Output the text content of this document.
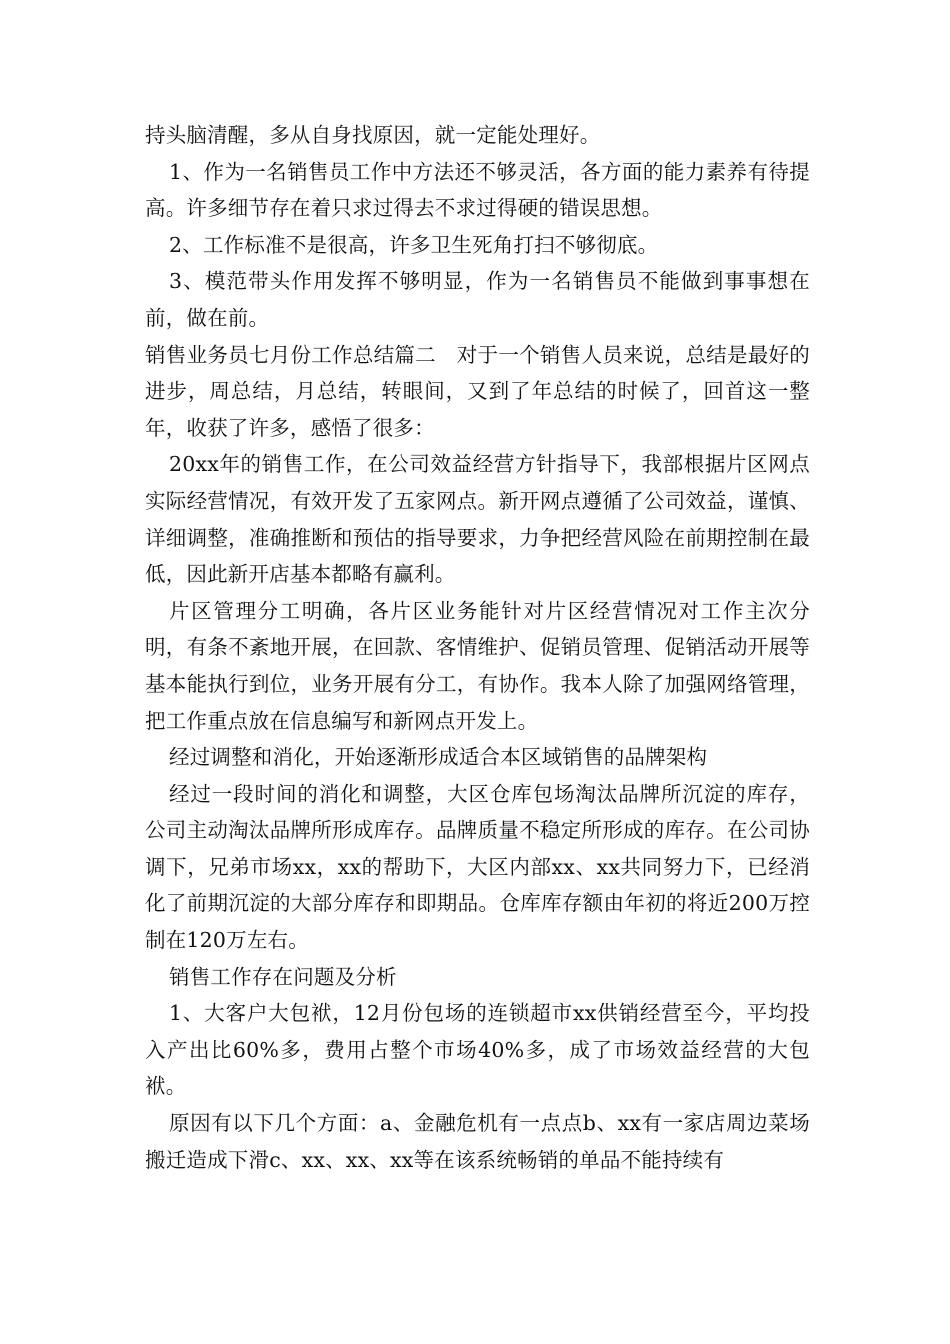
持头脑清醒，多从自身找原因，就一定能处理好。

1、作为一名销售员工作中方法还不够灵活，各方面的能力素养有待提高。许多细节存在着只求过得去不求过得硬的错误思想。

2、工作标准不是很高，许多卫生死角打扫不够彻底。

3、模范带头作用发挥不够明显，作为一名销售员不能做到事事想在前，做在前。

销售业务员七月份工作总结篇二　对于一个销售人员来说，总结是最好的进步，周总结，月总结，转眼间，又到了年总结的时候了，回首这一整年，收获了许多，感悟了很多：

20xx年的销售工作，在公司效益经营方针指导下，我部根据片区网点实际经营情况，有效开发了五家网点。新开网点遵循了公司效益，谨慎、详细调整，准确推断和预估的指导要求，力争把经营风险在前期控制在最低，因此新开店基本都略有赢利。

片区管理分工明确，各片区业务能针对片区经营情况对工作主次分明，有条不紊地开展，在回款、客情维护、促销员管理、促销活动开展等基本能执行到位，业务开展有分工，有协作。我本人除了加强网络管理，把工作重点放在信息编写和新网点开发上。

经过调整和消化，开始逐渐形成适合本区域销售的品牌架构

经过一段时间的消化和调整，大区仓库包场淘汰品牌所沉淀的库存，公司主动淘汰品牌所形成库存。品牌质量不稳定所形成的库存。在公司协调下，兄弟市场xx，xx的帮助下，大区内部xx、xx共同努力下，已经消化了前期沉淀的大部分库存和即期品。仓库库存额由年初的将近200万控制在120万左右。

销售工作存在问题及分析

1、大客户大包袱，12月份包场的连锁超市xx供销经营至今，平均投入产出比60%多，费用占整个市场40%多，成了市场效益经营的大包袱。

原因有以下几个方面：a、金融危机有一点点b、xx有一家店周边菜场搬迁造成下滑c、xx、xx、xx等在该系统畅销的单品不能持续有
